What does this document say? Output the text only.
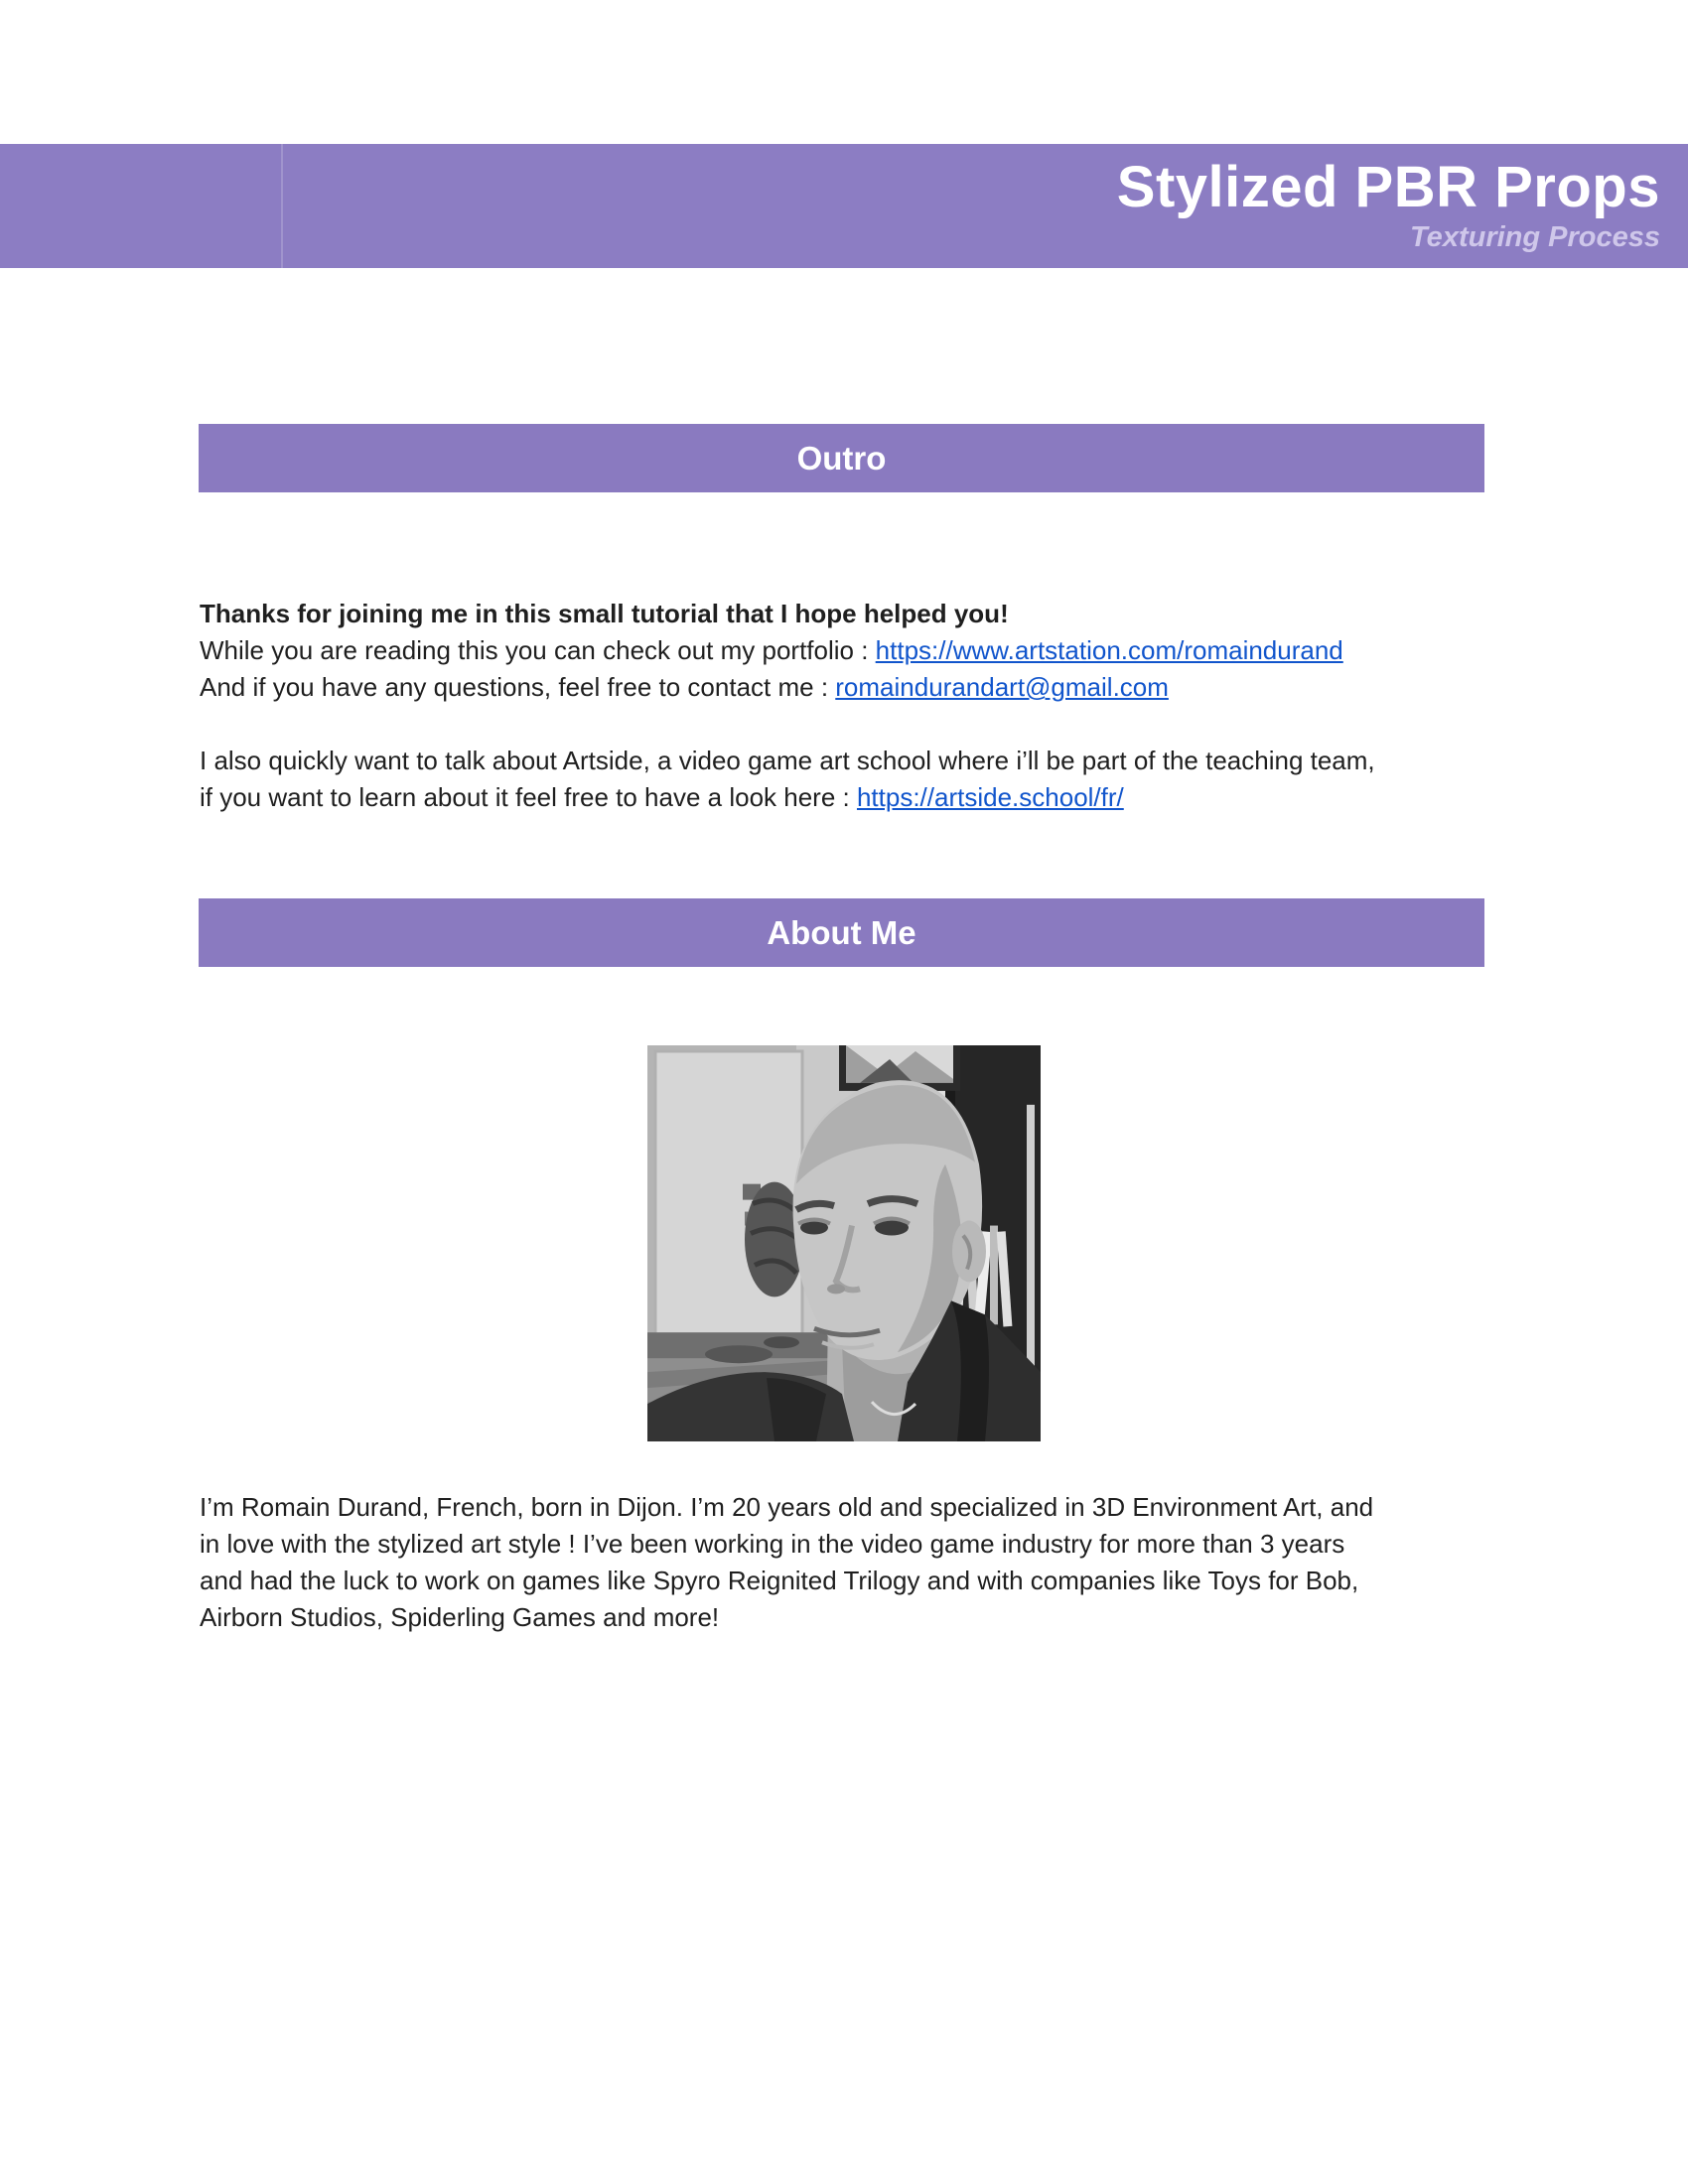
Stylized PBR Props
Texturing Process
Outro
Thanks for joining me in this small tutorial that I hope helped you!
While you are reading this you can check out my portfolio : https://www.artstation.com/romaindurand
And if you have any questions, feel free to contact me : romaindurandart@gmail.com
I also quickly want to talk about Artside, a video game art school where i’ll be part of the teaching team,
if you want to learn about it feel free to have a look here : https://artside.school/fr/
About Me
I’m Romain Durand, French, born in Dijon. I’m 20 years old and specialized in 3D Environment Art, and
in love with the stylized art style ! I’ve been working in the video game industry for more than 3 years
and had the luck to work on games like Spyro Reignited Trilogy and with companies like Toys for Bob,
Airborn Studios, Spiderling Games and more!
